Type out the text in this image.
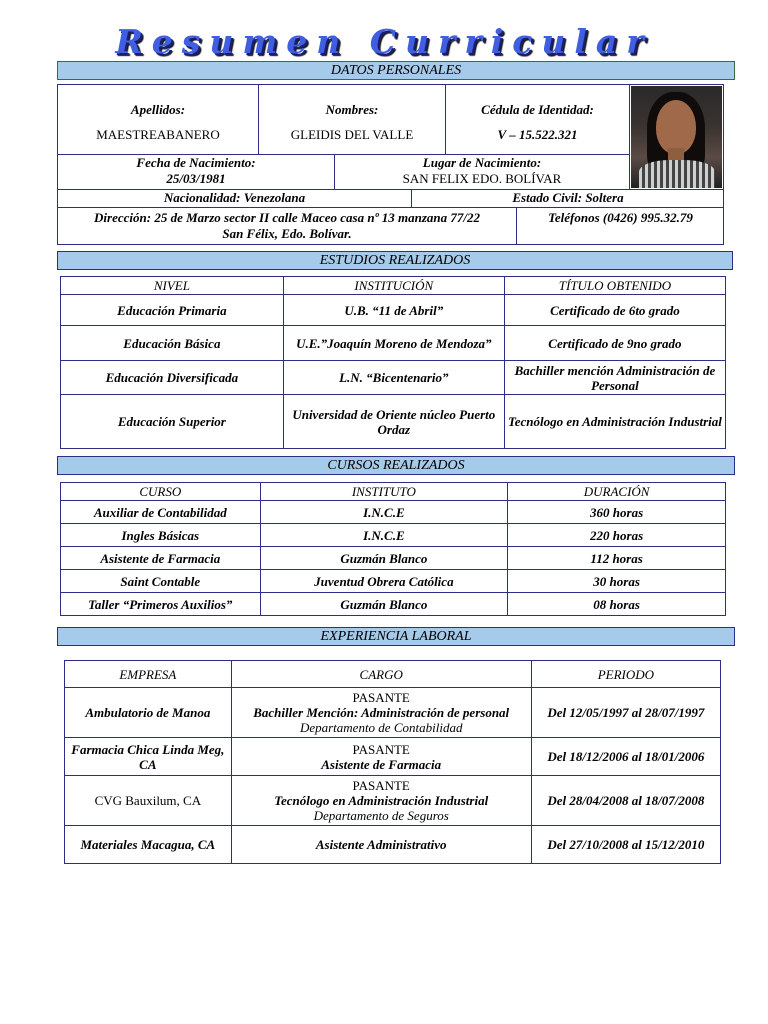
Resumen Curricular
DATOS PERSONALES
Apellidos:
MAESTREABANERO
Nombres:
GLEIDIS DEL VALLE
Cédula de Identidad:
V – 15.522.321
Fecha de Nacimiento:
25/03/1981
Lugar de Nacimiento:
SAN FELIX EDO. BOLÍVAR
Nacionalidad: Venezolana	Estado Civil: Soltera
Dirección: 25 de Marzo sector II calle Maceo casa nº 13 manzana 77/22
San Félix, Edo. Bolívar.
Teléfonos (0426) 995.32.79
ESTUDIOS REALIZADOS
NIVEL	INSTITUCIÓN	TÍTULO OBTENIDO
Educación Primaria	U.B. “11 de Abril”	Certificado de 6to grado
Educación Básica	U.E.”Joaquín Moreno de Mendoza”	Certificado de 9no grado
Educación Diversificada	L.N. “Bicentenario”	Bachiller mención Administración de Personal
Educación Superior	Universidad de Oriente núcleo Puerto Ordaz	Tecnólogo en Administración Industrial
CURSOS REALIZADOS
CURSO	INSTITUTO	DURACIÓN
Auxiliar de Contabilidad	I.N.C.E	360 horas
Ingles Básicas	I.N.C.E	220 horas
Asistente de Farmacia	Guzmán Blanco	112 horas
Saint Contable	Juventud Obrera Católica	30 horas
Taller “Primeros Auxilios”	Guzmán Blanco	08 horas
EXPERIENCIA LABORAL
EMPRESA	CARGO	PERIODO
Ambulatorio de Manoa	PASANTE
Bachiller Mención: Administración de personal
Departamento de Contabilidad	Del 12/05/1997 al 28/07/1997
Farmacia Chica Linda Meg, CA	PASANTE
Asistente de Farmacia	Del 18/12/2006 al 18/01/2006
CVG Bauxilum, CA	PASANTE
Tecnólogo en Administración Industrial
Departamento de Seguros	Del 28/04/2008 al 18/07/2008
Materiales Macagua, CA	Asistente Administrativo	Del 27/10/2008 al 15/12/2010
